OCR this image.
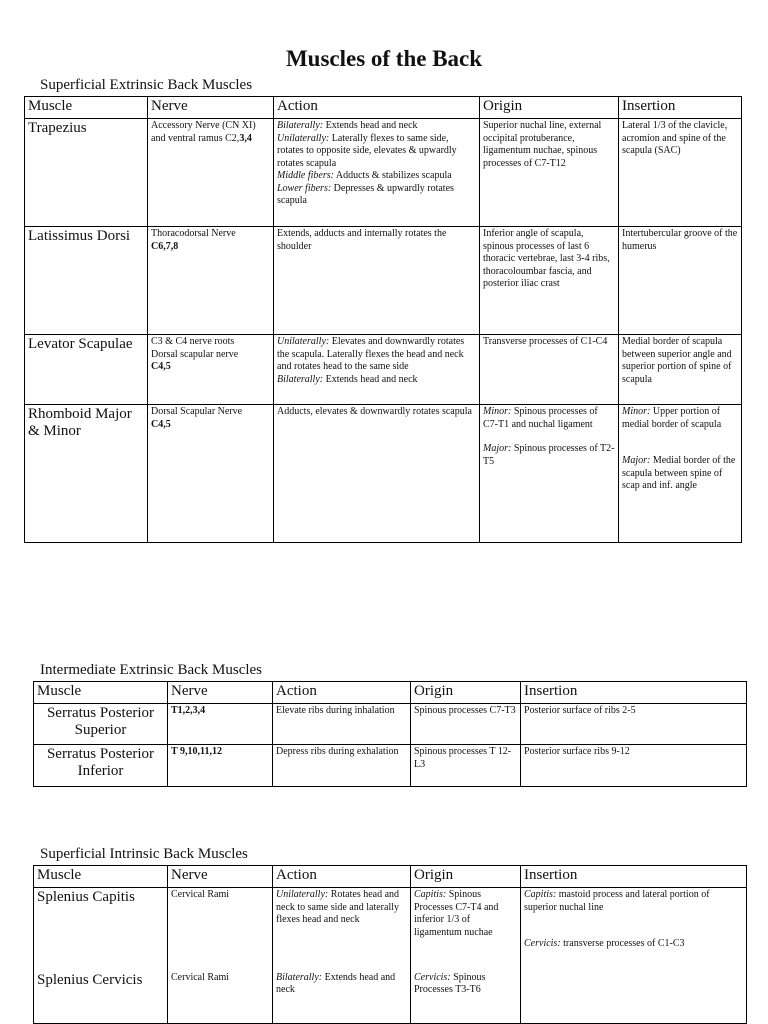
Muscles of the Back
Superficial Extrinsic Back Muscles
Muscle	Nerve	Action	Origin	Insertion
Trapezius	Accessory Nerve (CN XI) and ventral ramus C2,3,4	Bilaterally: Extends head and neck
Unilaterally: Laterally flexes to same side, rotates to opposite side, elevates & upwardly rotates scapula
Middle fibers: Adducts & stabilizes scapula
Lower fibers: Depresses & upwardly rotates scapula	Superior nuchal line, external occipital protuberance, ligamentum nuchae, spinous processes of C7-T12	Lateral 1/3 of the clavicle, acromion and spine of the scapula (SAC)
Latissimus Dorsi	Thoracodorsal Nerve
C6,7,8	Extends, adducts and internally rotates the shoulder	Inferior angle of scapula, spinous processes of last 6 thoracic vertebrae, last 3-4 ribs, thoracoloumbar fascia, and posterior iliac crast	Intertubercular groove of the humerus
Levator Scapulae	C3 & C4 nerve roots
Dorsal scapular nerve
C4,5	Unilaterally: Elevates and downwardly rotates the scapula. Laterally flexes the head and neck and rotates head to the same side
Bilaterally: Extends head and neck	Transverse processes of C1-C4	Medial border of scapula between superior angle and superior portion of spine of scapula
Rhomboid Major & Minor	Dorsal Scapular Nerve
C4,5	Adducts, elevates & downwardly rotates scapula	Minor: Spinous processes of C7-T1 and nuchal ligament
Major: Spinous processes of T2-T5	Minor: Upper portion of medial border of scapula
Major: Medial border of the scapula between spine of scap and inf. angle
Intermediate Extrinsic Back Muscles
Muscle	Nerve	Action	Origin	Insertion
Serratus Posterior Superior	T1,2,3,4	Elevate ribs during inhalation	Spinous processes C7-T3	Posterior surface of ribs 2-5
Serratus Posterior Inferior	T 9,10,11,12	Depress ribs during exhalation	Spinous processes T 12-L3	Posterior surface ribs 9-12
Superficial Intrinsic Back Muscles
Muscle	Nerve	Action	Origin	Insertion
Splenius Capitis	Cervical Rami	Unilaterally: Rotates head and neck to same side and laterally flexes head and neck	Capitis: Spinous Processes C7-T4 and inferior 1/3 of ligamentum nuchae	Capitis: mastoid process and lateral portion of superior nuchal line
Cervicis: transverse processes of C1-C3
Splenius Cervicis	Cervical Rami	Bilaterally: Extends head and neck	Cervicis: Spinous Processes T3-T6	
